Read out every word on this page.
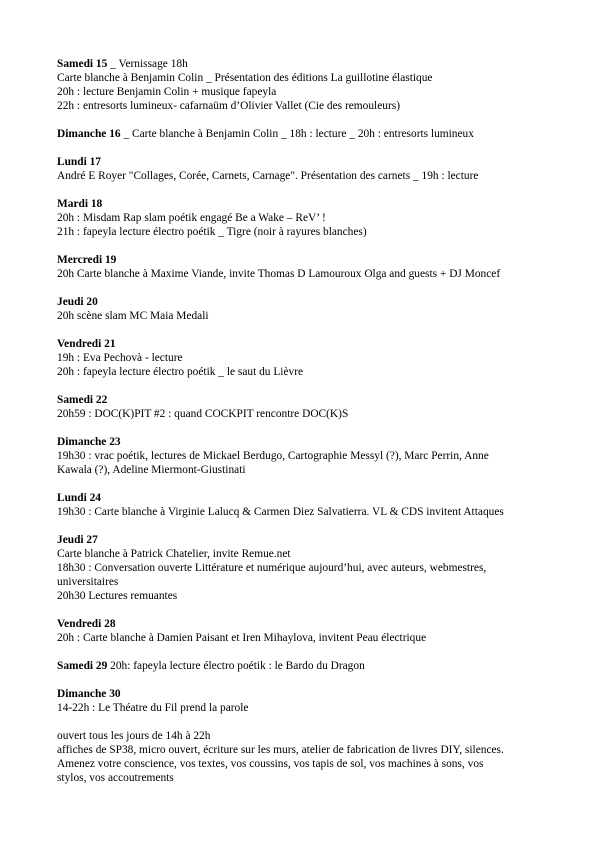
Samedi 15 _ Vernissage 18h
Carte blanche à Benjamin Colin _ Présentation des éditions La guillotine élastique
20h : lecture Benjamin Colin + musique fapeyla
22h : entresorts lumineux- cafarnaüm d’Olivier Vallet (Cie des remouleurs)
Dimanche 16 _ Carte blanche à Benjamin Colin _ 18h : lecture _ 20h : entresorts lumineux
Lundi 17
André E Royer "Collages, Corée, Carnets, Carnage". Présentation des carnets _ 19h : lecture
Mardi 18
20h : Misdam Rap slam poétik engagé Be a Wake – ReV’ !
21h : fapeyla lecture électro poétik _ Tigre (noir à rayures blanches)
Mercredi 19
20h Carte blanche à Maxime Viande, invite Thomas D Lamouroux Olga and guests + DJ Moncef
Jeudi 20
20h scène slam MC Maia Medali
Vendredi 21
19h : Eva Pechovà - lecture
20h : fapeyla lecture électro poétik _ le saut du Lièvre
Samedi 22
20h59 : DOC(K)PIT #2 : quand COCKPIT rencontre DOC(K)S
Dimanche 23
19h30 : vrac poétik, lectures de Mickael Berdugo, Cartographie Messyl (?), Marc Perrin, Anne
Kawala (?), Adeline Miermont-Giustinati
Lundi 24
19h30 : Carte blanche à Virginie Lalucq & Carmen Diez Salvatierra. VL & CDS invitent Attaques
Jeudi 27
Carte blanche à Patrick Chatelier, invite Remue.net
18h30 : Conversation ouverte Littérature et numérique aujourd’hui, avec auteurs, webmestres,
universitaires
20h30 Lectures remuantes
Vendredi 28
20h : Carte blanche à Damien Paisant et Iren Mihaylova, invitent Peau électrique
Samedi 29 20h: fapeyla lecture électro poétik : le Bardo du Dragon
Dimanche 30
14-22h : Le Théatre du Fil prend la parole
ouvert tous les jours de 14h à 22h
affiches de SP38, micro ouvert, écriture sur les murs, atelier de fabrication de livres DIY, silences.
Amenez votre conscience, vos textes, vos coussins, vos tapis de sol, vos machines à sons, vos
stylos, vos accoutrements
